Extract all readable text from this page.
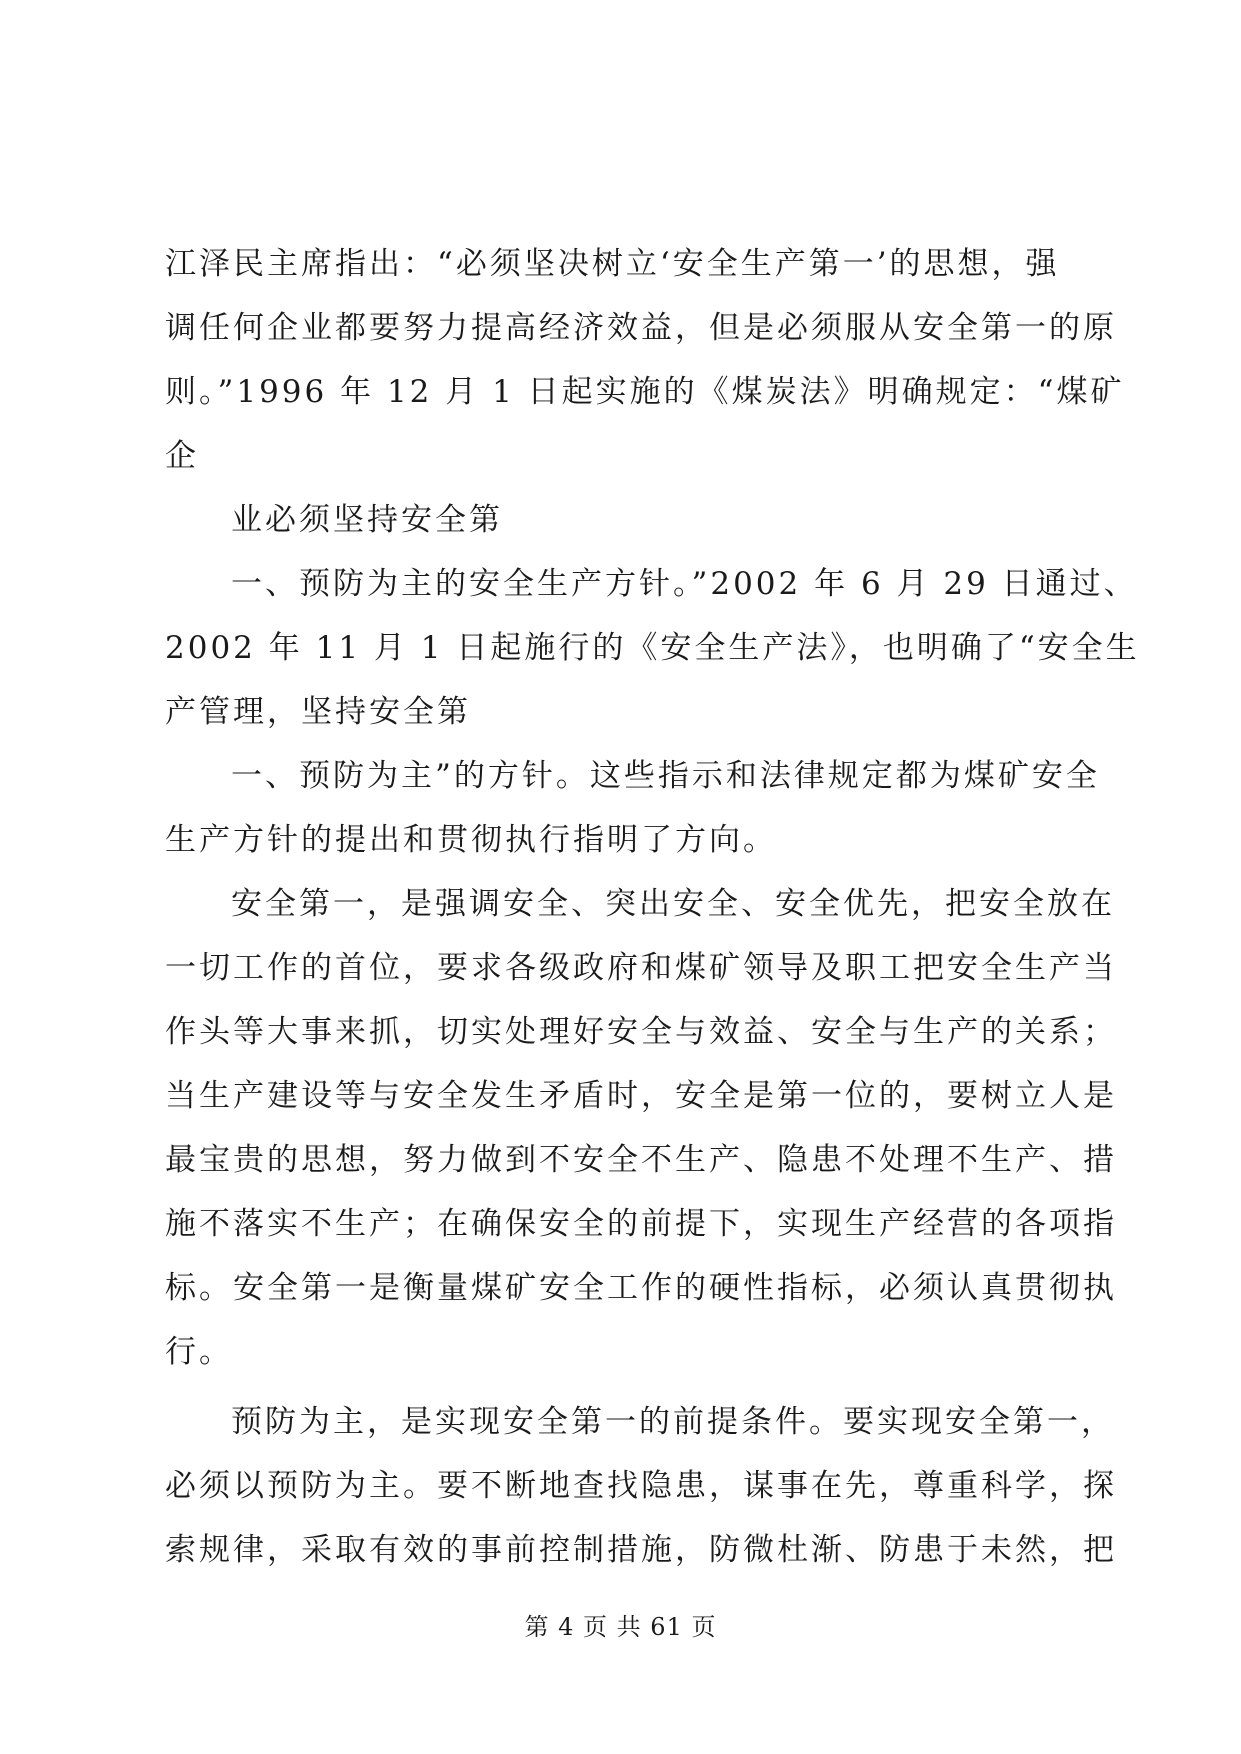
江泽民主席指出：“必须坚决树立‘安全生产第一’的思想，强

调任何企业都要努力提高经济效益，但是必须服从安全第一的原

则。”1996 年 12 月 1 日起实施的《煤炭法》明确规定：“煤矿

企

业必须坚持安全第

一、预防为主的安全生产方针。”2002 年 6 月 29 日通过、

2002 年 11 月 1 日起施行的《安全生产法》，也明确了“安全生

产管理，坚持安全第

一、预防为主”的方针。这些指示和法律规定都为煤矿安全

生产方针的提出和贯彻执行指明了方向。

安全第一，是强调安全、突出安全、安全优先，把安全放在

一切工作的首位，要求各级政府和煤矿领导及职工把安全生产当

作头等大事来抓，切实处理好安全与效益、安全与生产的关系；

当生产建设等与安全发生矛盾时，安全是第一位的，要树立人是

最宝贵的思想，努力做到不安全不生产、隐患不处理不生产、措

施不落实不生产；在确保安全的前提下，实现生产经营的各项指

标。安全第一是衡量煤矿安全工作的硬性指标，必须认真贯彻执

行。

预防为主，是实现安全第一的前提条件。要实现安全第一，

必须以预防为主。要不断地查找隐患，谋事在先，尊重科学，探

索规律，采取有效的事前控制措施，防微杜渐、防患于未然，把

第 4 页 共 61 页
